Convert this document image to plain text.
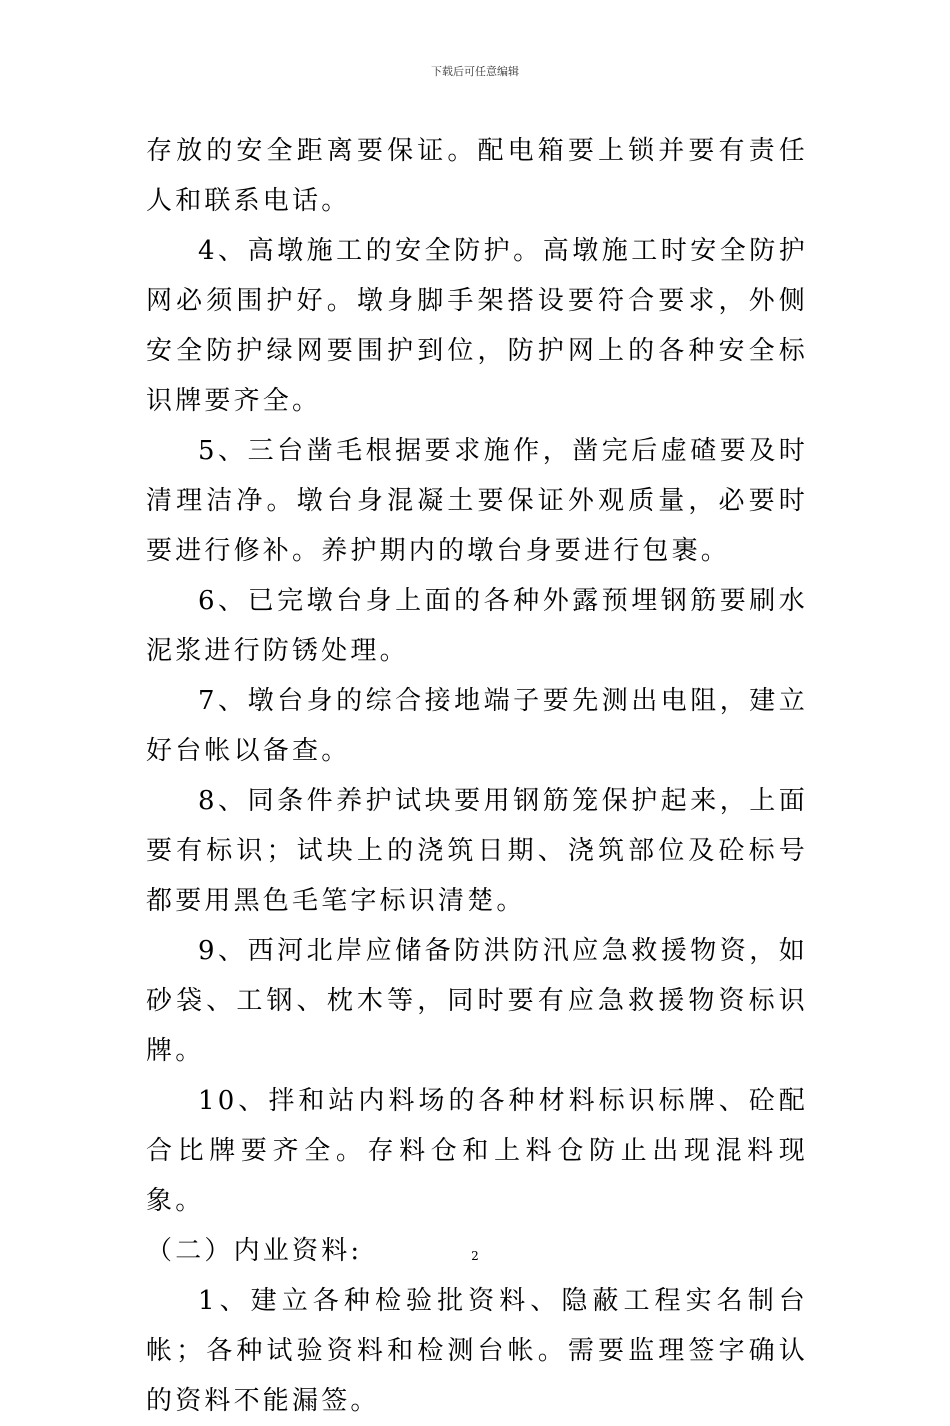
下载后可任意编辑

存放的安全距离要保证。配电箱要上锁并要有责任人和联系电话。

4、高墩施工的安全防护。高墩施工时安全防护网必须围护好。墩身脚手架搭设要符合要求，外侧安全防护绿网要围护到位，防护网上的各种安全标识牌要齐全。

5、三台凿毛根据要求施作，凿完后虚碴要及时清理洁净。墩台身混凝土要保证外观质量，必要时要进行修补。养护期内的墩台身要进行包裹。

6、已完墩台身上面的各种外露预埋钢筋要刷水泥浆进行防锈处理。

7、墩台身的综合接地端子要先测出电阻，建立好台帐以备查。

8、同条件养护试块要用钢筋笼保护起来，上面要有标识；试块上的浇筑日期、浇筑部位及砼标号都要用黑色毛笔字标识清楚。

9、西河北岸应储备防洪防汛应急救援物资，如砂袋、工钢、枕木等，同时要有应急救援物资标识牌。

10、拌和站内料场的各种材料标识标牌、砼配合比牌要齐全。存料仓和上料仓防止出现混料现象。

（二）内业资料:

1、建立各种检验批资料、隐蔽工程实名制台帐；各种试验资料和检测台帐。需要监理签字确认的资料不能漏签。

2
